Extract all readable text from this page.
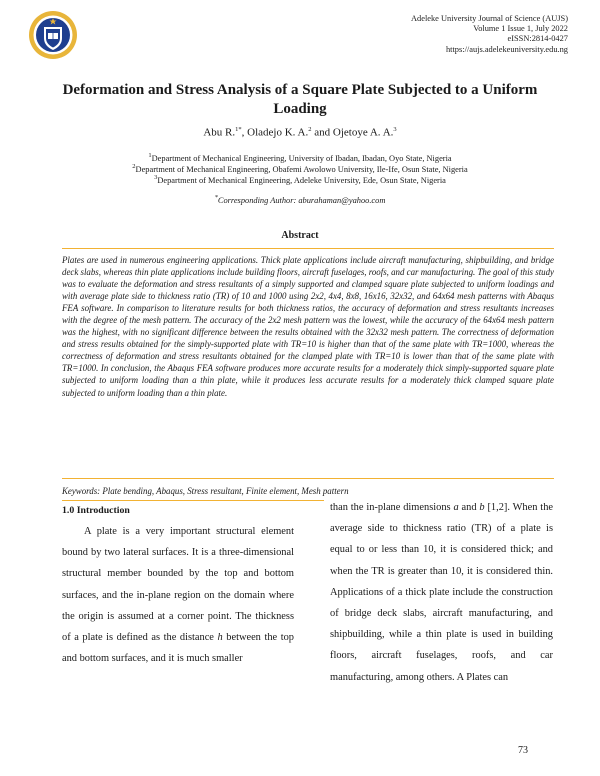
Adeleke University Journal of Science (AUJS)
Volume 1 Issue 1, July 2022
eISSN:2814-0427
https://aujs.adelekeuniversity.edu.ng
Deformation and Stress Analysis of a Square Plate Subjected to a Uniform Loading
Abu R.$^{1*}$, Oladejo K. A.$^2$ and Ojetoye A. A.$^3$
$^1$Department of Mechanical Engineering, University of Ibadan, Ibadan, Oyo State, Nigeria
$^2$Department of Mechanical Engineering, Obafemi Awolowo University, Ile-Ife, Osun State, Nigeria
$^3$Department of Mechanical Engineering, Adeleke University, Ede, Osun State, Nigeria
*Corresponding Author: aburahaman@yahoo.com
Abstract
Plates are used in numerous engineering applications. Thick plate applications include aircraft manufacturing, shipbuilding, and bridge deck slabs, whereas thin plate applications include building floors, aircraft fuselages, roofs, and car manufacturing. The goal of this study was to evaluate the deformation and stress resultants of a simply supported and clamped square plate subjected to uniform loadings and with average plate side to thickness ratio (TR) of 10 and 1000 using 2x2, 4x4, 8x8, 16x16, 32x32, and 64x64 mesh patterns with Abaqus FEA software. In comparison to literature results for both thickness ratios, the accuracy of deformation and stress resultants increases with the degree of the mesh pattern. The accuracy of the 2x2 mesh pattern was the lowest, while the accuracy of the 64x64 mesh pattern was the highest, with no significant difference between the results obtained with the 32x32 mesh pattern. The correctness of deformation and stress results obtained for the simply-supported plate with TR=10 is higher than that of the same plate with TR=1000, whereas the correctness of deformation and stress resultants obtained for the clamped plate with TR=10 is lower than that of the same plate with TR=1000. In conclusion, the Abaqus FEA software produces more accurate results for a moderately thick simply-supported square plate subjected to uniform loading than a thin plate, while it produces less accurate results for a moderately thick clamped square plate subjected to uniform loading than a thin plate.
Keywords: Plate bending, Abaqus, Stress resultant, Finite element, Mesh pattern
1.0 Introduction
A plate is a very important structural element bound by two lateral surfaces. It is a three-dimensional structural member bounded by the top and bottom surfaces, and the in-plane region on the domain where the origin is assumed at a corner point. The thickness of a plate is defined as the distance h between the top and bottom surfaces, and it is much smaller
than the in-plane dimensions a and b [1,2]. When the average side to thickness ratio (TR) of a plate is equal to or less than 10, it is considered thick; and when the TR is greater than 10, it is considered thin. Applications of a thick plate include the construction of bridge deck slabs, aircraft manufacturing, and shipbuilding, while a thin plate is used in building floors, aircraft fuselages, roofs, and car manufacturing, among others. A Plates can
73
